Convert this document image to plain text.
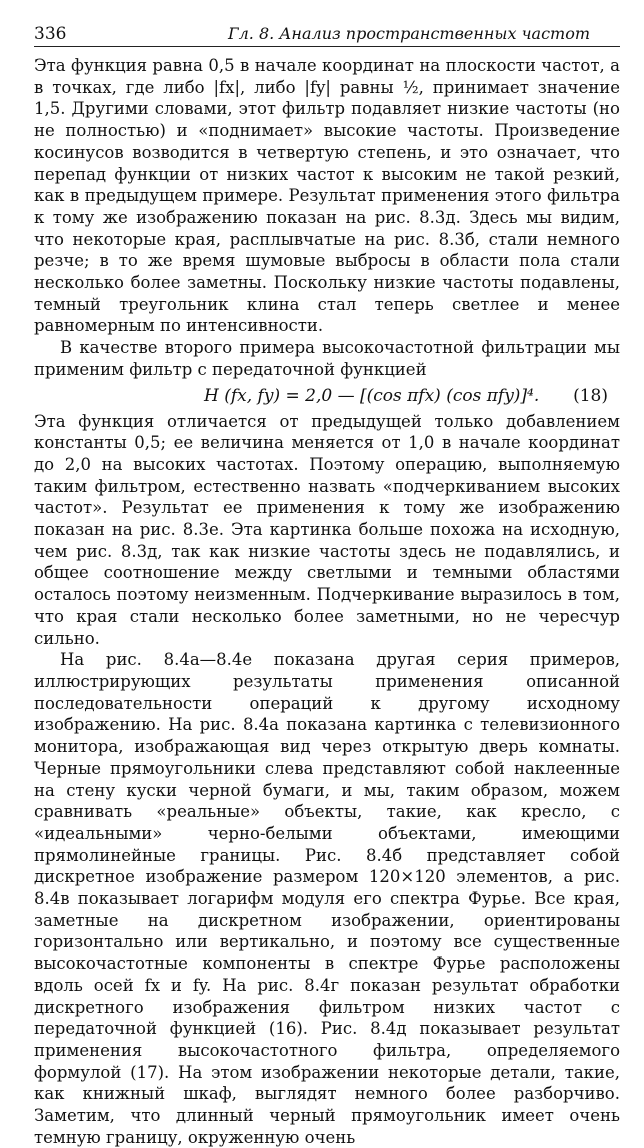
336	Гл. 8. Анализ пространственных частот

Эта функция равна 0,5 в начале координат на плоскости частот, а в точках, где либо |fx|, либо |fy| равны ½, принимает значение 1,5. Другими словами, этот фильтр подавляет низкие частоты (но не полностью) и «поднимает» высокие частоты. Произведение косинусов возводится в четвертую степень, и это означает, что перепад функции от низких частот к высоким не такой резкий, как в предыдущем примере. Результат применения этого фильтра к тому же изображению показан на рис. 8.3д. Здесь мы видим, что некоторые края, расплывчатые на рис. 8.3б, стали немного резче; в то же время шумовые выбросы в области пола стали несколько более заметны. Поскольку низкие частоты подавлены, темный треугольник клина стал теперь светлее и менее равномерным по интенсивности.

В качестве второго примера высокочастотной фильтрации мы применим фильтр с передаточной функцией

H (fx, fy) = 2,0 — [(cos πfx) (cos πfy)]⁴. (18)

Эта функция отличается от предыдущей только добавлением константы 0,5; ее величина меняется от 1,0 в начале координат до 2,0 на высоких частотах. Поэтому операцию, выполняемую таким фильтром, естественно назвать «подчеркиванием высоких частот». Результат ее применения к тому же изображению показан на рис. 8.3е. Эта картинка больше похожа на исходную, чем рис. 8.3д, так как низкие частоты здесь не подавлялись, и общее соотношение между светлыми и темными областями осталось поэтому неизменным. Подчеркивание выразилось в том, что края стали несколько более заметными, но не чересчур сильно.

На рис. 8.4а—8.4е показана другая серия примеров, иллюстрирующих результаты применения описанной последовательности операций к другому исходному изображению. На рис. 8.4а показана картинка с телевизионного монитора, изображающая вид через открытую дверь комнаты. Черные прямоугольники слева представляют собой наклеенные на стену куски черной бумаги, и мы, таким образом, можем сравнивать «реальные» объекты, такие, как кресло, с «идеальными» черно-белыми объектами, имеющими прямолинейные границы. Рис. 8.4б представляет собой дискретное изображение размером 120×120 элементов, а рис. 8.4в показывает логарифм модуля его спектра Фурье. Все края, заметные на дискретном изображении, ориентированы горизонтально или вертикально, и поэтому все существенные высокочастотные компоненты в спектре Фурье расположены вдоль осей fx и fy. На рис. 8.4г показан результат обработки дискретного изображения фильтром низких частот с передаточной функцией (16). Рис. 8.4д показывает результат применения высокочастотного фильтра, определяемого формулой (17). На этом изображении некоторые детали, такие, как книжный шкаф, выглядят немного более разборчиво. Заметим, что длинный черный прямоугольник имеет очень темную границу, окруженную очень
